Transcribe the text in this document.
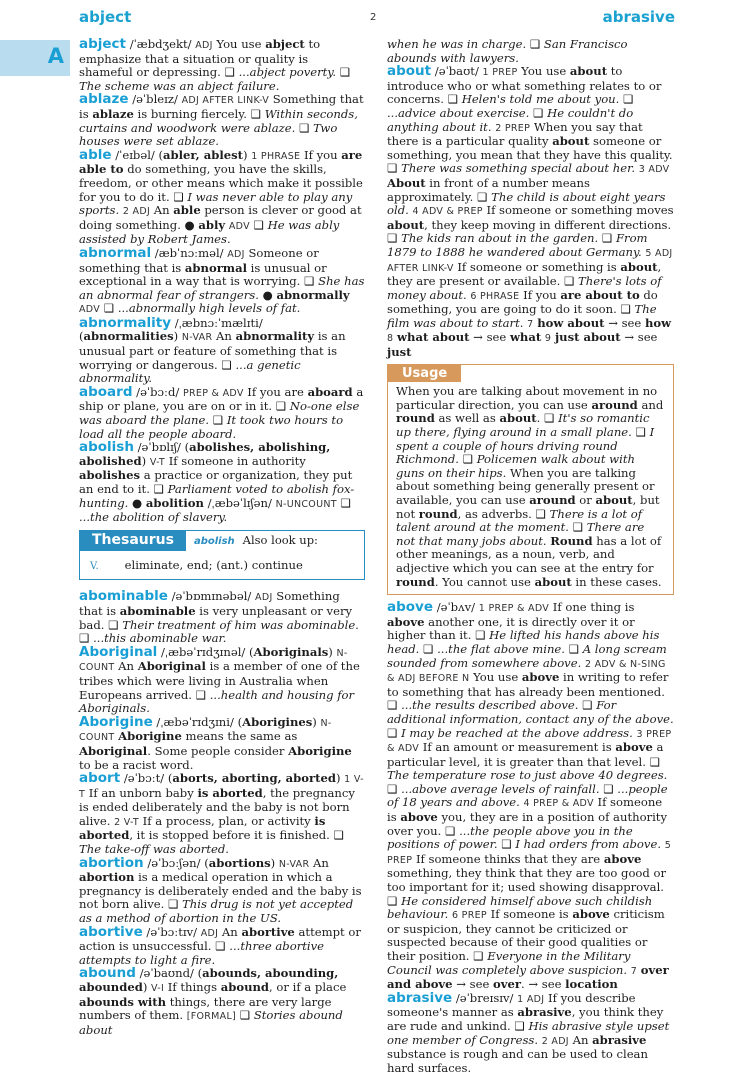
abject	2	abrasive
A abject /ˈæbdʒekt/ ADJ You use abject to emphasize that a situation or quality is shameful or depressing. ❑ ...abject poverty. ❑ The scheme was an abject failure.

ablaze /əˈbleɪz/ ADJ AFTER LINK-V Something that is ablaze is burning fiercely. ❑ Within seconds, curtains and woodwork were ablaze. ❑ Two houses were set ablaze.

able /ˈeɪbəl/ (abler, ablest) 1 PHRASE If you are able to do something, you have the skills, freedom, or other means which make it possible for you to do it. ❑ I was never able to play any sports. 2 ADJ An able person is clever or good at doing something. ● ably ADV ❑ He was ably assisted by Robert James.

abnormal /æbˈnɔːməl/ ADJ Someone or something that is abnormal is unusual or exceptional in a way that is worrying. ❑ She has an abnormal fear of strangers. ● abnormally ADV ❑ ...abnormally high levels of fat.

abnormality /ˌæbnɔːˈmælɪti/ (abnormalities) N-VAR An abnormality is an unusual part or feature of something that is worrying or dangerous. ❑ ...a genetic abnormality.

aboard /əˈbɔːd/ PREP & ADV If you are aboard a ship or plane, you are on or in it. ❑ No-one else was aboard the plane. ❑ It took two hours to load all the people aboard.

abolish /əˈbɒlɪʃ/ (abolishes, abolishing, abolished) V-T If someone in authority abolishes a practice or organization, they put an end to it. ❑ Parliament voted to abolish fox-hunting. ● abolition /ˌæbəˈlɪʃən/ N-UNCOUNT ❑ ...the abolition of slavery.

Thesaurus abolish Also look up:
V. eliminate, end; (ant.) continue

abominable /əˈbɒmɪnəbəl/ ADJ Something that is abominable is very unpleasant or very bad. ❑ Their treatment of him was abominable. ❑ ...this abominable war.

Aboriginal /ˌæbəˈrɪdʒɪnəl/ (Aboriginals) N-COUNT An Aboriginal is a member of one of the tribes which were living in Australia when Europeans arrived. ❑ ...health and housing for Aboriginals.

Aborigine /ˌæbəˈrɪdʒɪni/ (Aborigines) N-COUNT Aborigine means the same as Aboriginal. Some people consider Aborigine to be a racist word.

abort /əˈbɔːt/ (aborts, aborting, aborted) 1 V-T If an unborn baby is aborted, the pregnancy is ended deliberately and the baby is not born alive. 2 V-T If a process, plan, or activity is aborted, it is stopped before it is finished. ❑ The take-off was aborted.

abortion /əˈbɔːʃən/ (abortions) N-VAR An abortion is a medical operation in which a pregnancy is deliberately ended and the baby is not born alive. ❑ This drug is not yet accepted as a method of abortion in the US.

abortive /əˈbɔːtɪv/ ADJ An abortive attempt or action is unsuccessful. ❑ ...three abortive attempts to light a fire.

abound /əˈbaʊnd/ (abounds, abounding, abounded) V-I If things abound, or if a place abounds with things, there are very large numbers of them. [FORMAL] ❑ Stories abound about

when he was in charge. ❑ San Francisco abounds with lawyers.

about /əˈbaʊt/ 1 PREP You use about to introduce who or what something relates to or concerns. ❑ Helen's told me about you. ❑ ...advice about exercise. ❑ He couldn't do anything about it. 2 PREP When you say that there is a particular quality about someone or something, you mean that they have this quality. ❑ There was something special about her. 3 ADV About in front of a number means approximately. ❑ The child is about eight years old. 4 ADV & PREP If someone or something moves about, they keep moving in different directions. ❑ The kids ran about in the garden. ❑ From 1879 to 1888 he wandered about Germany. 5 ADJ AFTER LINK-V If someone or something is about, they are present or available. ❑ There's lots of money about. 6 PHRASE If you are about to do something, you are going to do it soon. ❑ The film was about to start. 7 how about → see how 8 what about → see what 9 just about → see just

Usage
When you are talking about movement in no particular direction, you can use around and round as well as about. ❑ It's so romantic up there, flying around in a small plane. ❑ I spent a couple of hours driving round Richmond. ❑ Policemen walk about with guns on their hips. When you are talking about something being generally present or available, you can use around or about, but not round, as adverbs. ❑ There is a lot of talent around at the moment. ❑ There are not that many jobs about. Round has a lot of other meanings, as a noun, verb, and adjective which you can see at the entry for round. You cannot use about in these cases.

above /əˈbʌv/ 1 PREP & ADV If one thing is above another one, it is directly over it or higher than it. ❑ He lifted his hands above his head. ❑ ...the flat above mine. ❑ A long scream sounded from somewhere above. 2 ADV & N-SING & ADJ BEFORE N You use above in writing to refer to something that has already been mentioned. ❑ ...the results described above. ❑ For additional information, contact any of the above. ❑ I may be reached at the above address. 3 PREP & ADV If an amount or measurement is above a particular level, it is greater than that level. ❑ The temperature rose to just above 40 degrees. ❑ ...above average levels of rainfall. ❑ ...people of 18 years and above. 4 PREP & ADV If someone is above you, they are in a position of authority over you. ❑ ...the people above you in the positions of power. ❑ I had orders from above. 5 PREP If someone thinks that they are above something, they think that they are too good or too important for it; used showing disapproval. ❑ He considered himself above such childish behaviour. 6 PREP If someone is above criticism or suspicion, they cannot be criticized or suspected because of their good qualities or their position. ❑ Everyone in the Military Council was completely above suspicion. 7 over and above → see over. → see location

abrasive /əˈbreɪsɪv/ 1 ADJ If you describe someone's manner as abrasive, you think they are rude and unkind. ❑ His abrasive style upset one member of Congress. 2 ADJ An abrasive substance is rough and can be used to clean hard surfaces.
